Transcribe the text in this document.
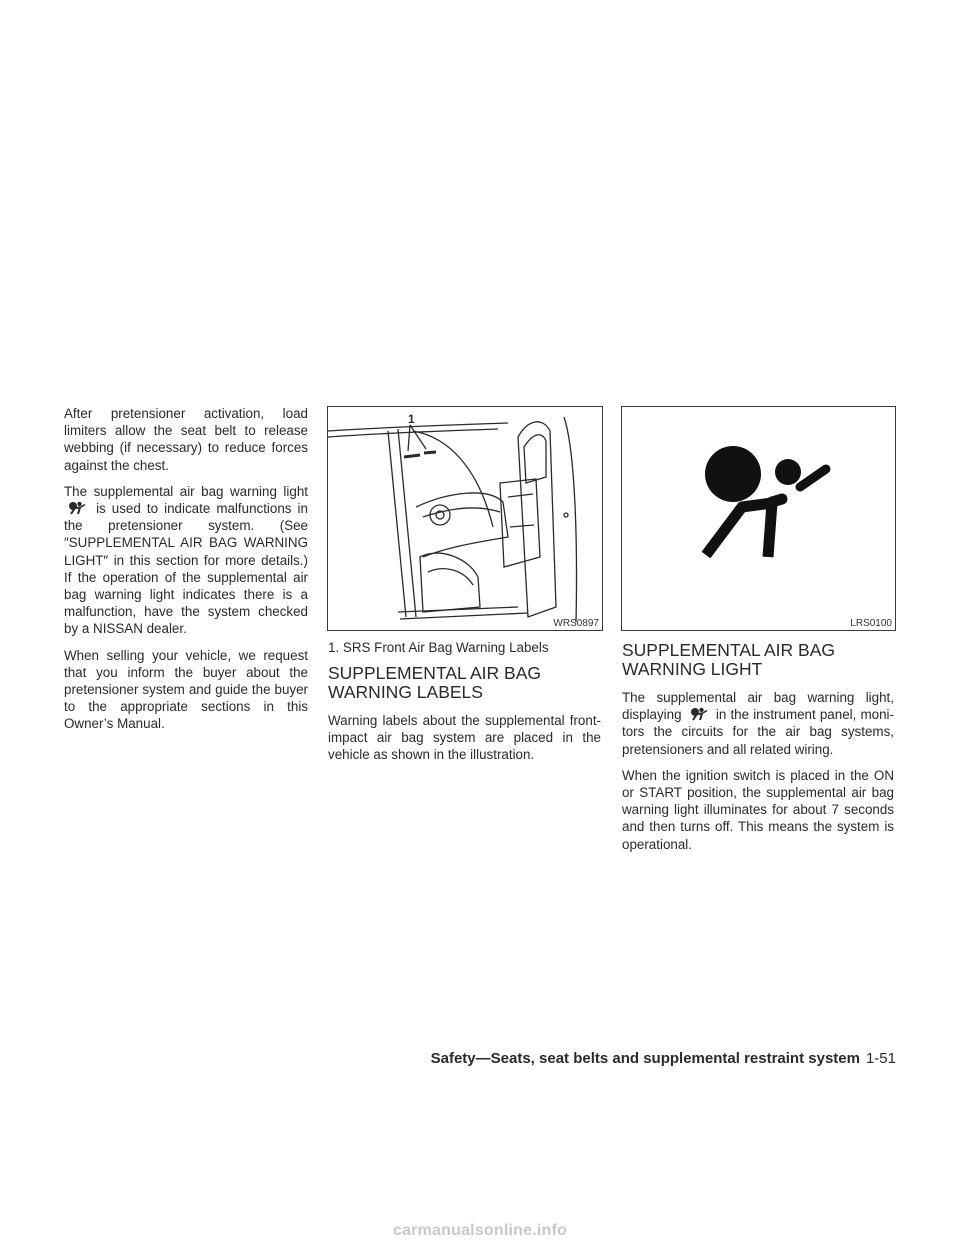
After pretensioner activation, load limiters allow the seat belt to release webbing (if necessary) to reduce forces against the chest.

The supplemental air bag warning light  is used to indicate malfunctions in the pretensioner system. (See ″SUPPLEMENTAL AIR BAG WARNING LIGHT″ in this section for more details.) If the operation of the supplemental air bag warning light indicates there is a malfunction, have the system checked by a NISSAN dealer.

When selling your vehicle, we request that you inform the buyer about the pretensioner system and guide the buyer to the appropriate sections in this Owner’s Manual.

1
WRS0897

1. SRS Front Air Bag Warning Labels

SUPPLEMENTAL AIR BAG WARNING LABELS

Warning labels about the supplemental front-impact air bag system are placed in the vehicle as shown in the illustration.

LRS0100
SUPPLEMENTAL AIR BAG WARNING LIGHT

The supplemental air bag warning light, displaying	in the instrument panel, monitors the circuits for the air bag systems, pretensioners and all related wiring.

When the ignition switch is placed in the ON or START position, the supplemental air bag warning light illuminates for about 7 seconds and then turns off. This means the system is operational.

Safety—Seats, seat belts and supplemental restraint system 1-51
carmanualsonline.info
